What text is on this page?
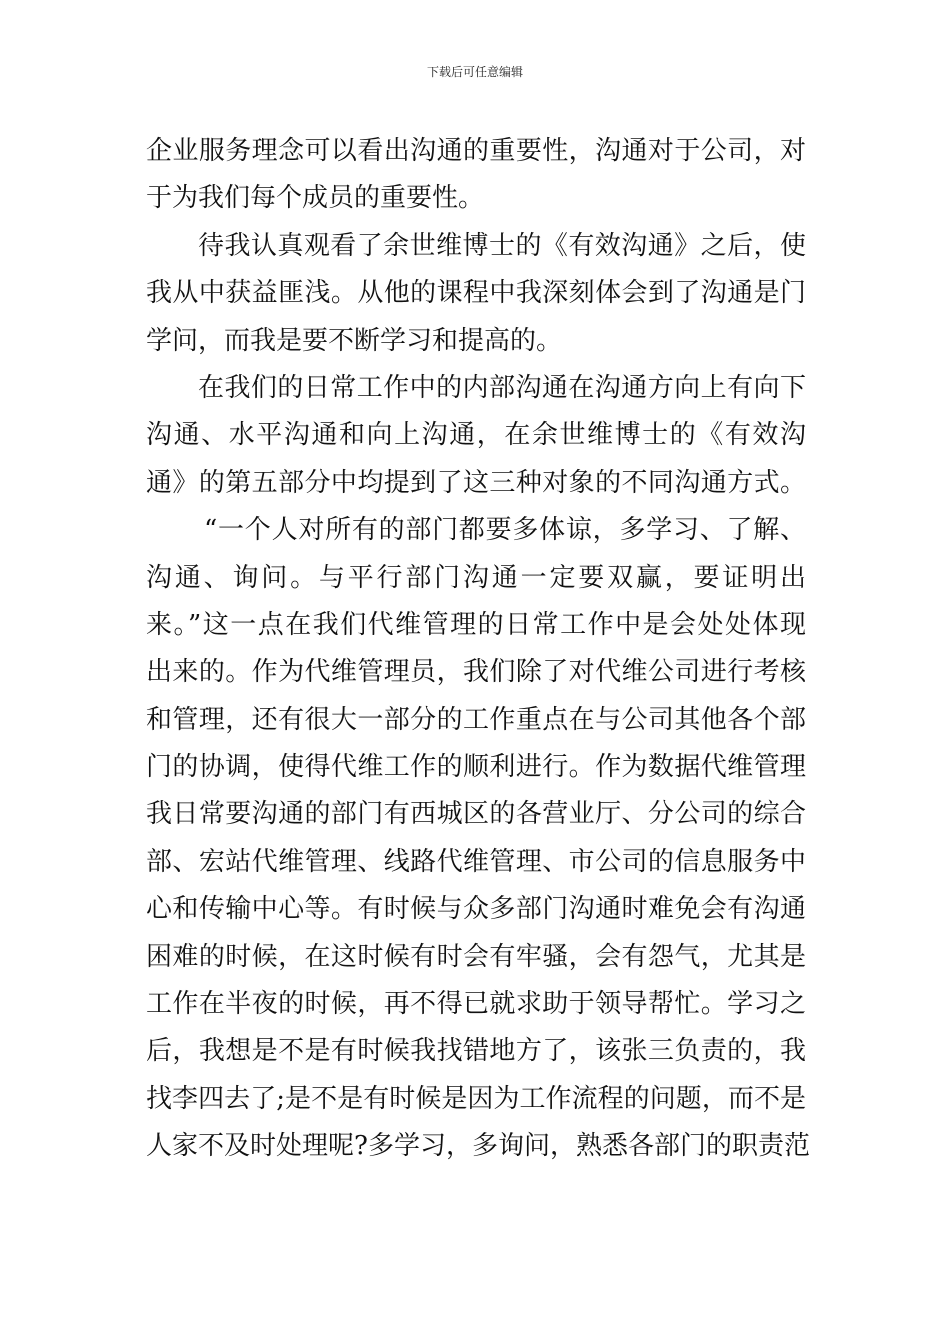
下载后可任意编辑
企业服务理念可以看出沟通的重要性，沟通对于公司，对
于为我们每个成员的重要性。
待我认真观看了余世维博士的《有效沟通》之后，使
我从中获益匪浅。从他的课程中我深刻体会到了沟通是门
学问，而我是要不断学习和提高的。
在我们的日常工作中的内部沟通在沟通方向上有向下
沟通、水平沟通和向上沟通，在余世维博士的《有效沟
通》的第五部分中均提到了这三种对象的不同沟通方式。
“一个人对所有的部门都要多体谅，多学习、了解、
沟通、询问。与平行部门沟通一定要双赢，要证明出
来。”这一点在我们代维管理的日常工作中是会处处体现
出来的。作为代维管理员，我们除了对代维公司进行考核
和管理，还有很大一部分的工作重点在与公司其他各个部
门的协调，使得代维工作的顺利进行。作为数据代维管理
我日常要沟通的部门有西城区的各营业厅、分公司的综合
部、宏站代维管理、线路代维管理、市公司的信息服务中
心和传输中心等。有时候与众多部门沟通时难免会有沟通
困难的时候，在这时候有时会有牢骚，会有怨气，尤其是
工作在半夜的时候，再不得已就求助于领导帮忙。学习之
后，我想是不是有时候我找错地方了，该张三负责的，我
找李四去了;是不是有时候是因为工作流程的问题，而不是
人家不及时处理呢?多学习，多询问，熟悉各部门的职责范
